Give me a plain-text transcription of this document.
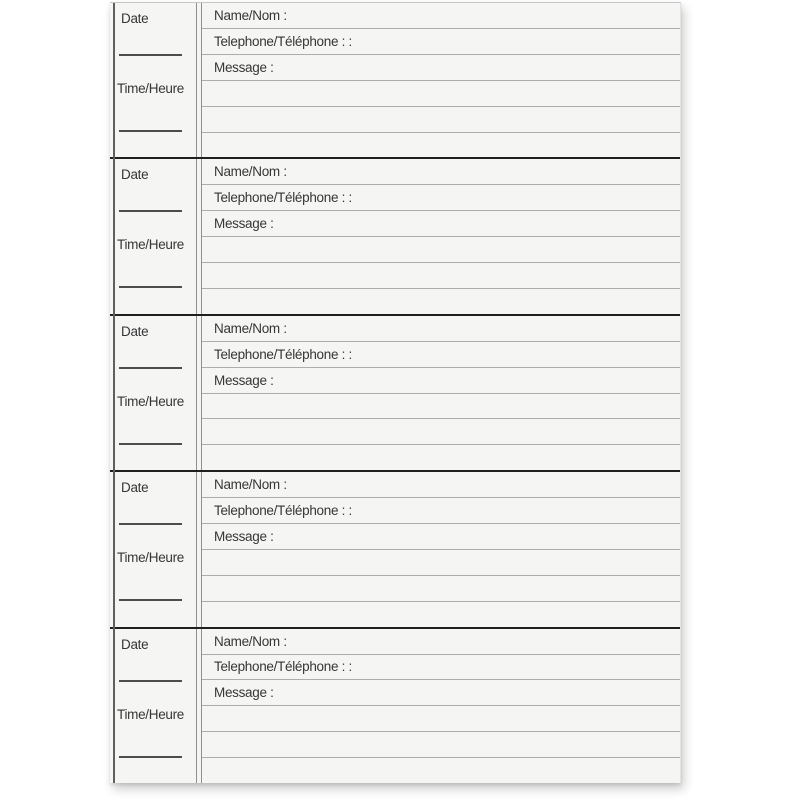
Date
Time/Heure
Name/Nom :
Telephone/Téléphone : :
Message :
Date
Time/Heure
Name/Nom :
Telephone/Téléphone : :
Message :
Date
Time/Heure
Name/Nom :
Telephone/Téléphone : :
Message :
Date
Time/Heure
Name/Nom :
Telephone/Téléphone : :
Message :
Date
Time/Heure
Name/Nom :
Telephone/Téléphone : :
Message :
